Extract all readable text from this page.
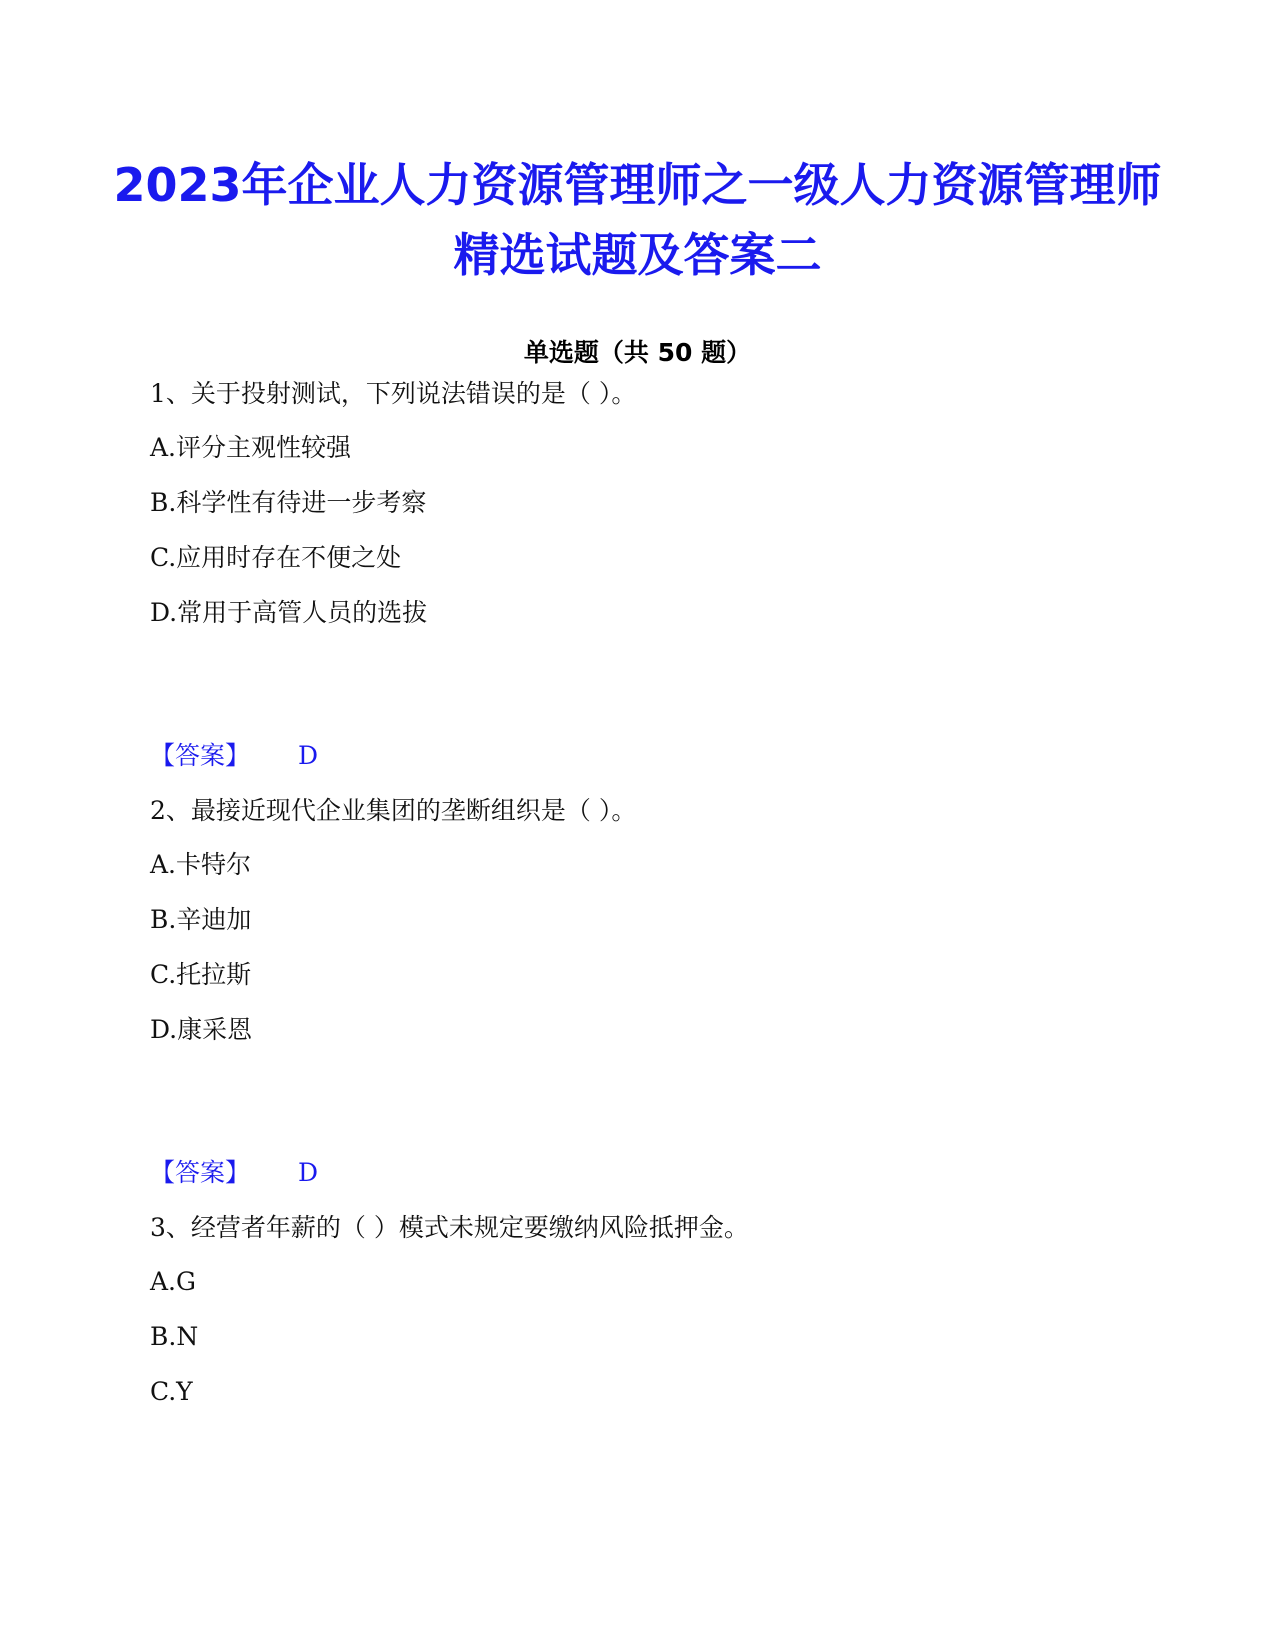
2023年企业人力资源管理师之一级人力资源管理师精选试题及答案二
单选题（共 50 题）
1、关于投射测试，下列说法错误的是（ ）。
A.评分主观性较强
B.科学性有待进一步考察
C.应用时存在不便之处
D.常用于高管人员的选拔
【答案】 D
2、最接近现代企业集团的垄断组织是（ ）。
A.卡特尔
B.辛迪加
C.托拉斯
D.康采恩
【答案】 D
3、经营者年薪的（ ）模式未规定要缴纳风险抵押金。
A.G
B.N
C.Y
